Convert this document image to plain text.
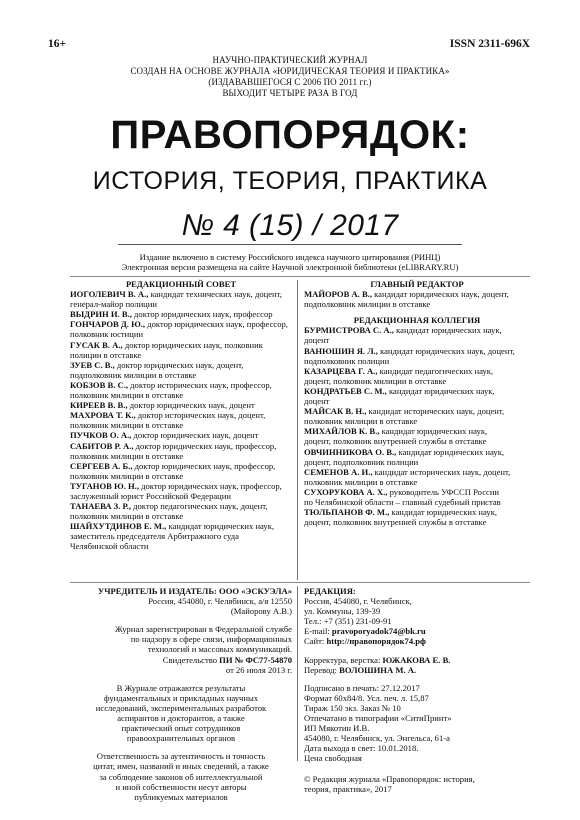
16+	ISSN 2311-696X
НАУЧНО-ПРАКТИЧЕСКИЙ ЖУРНАЛ
СОЗДАН НА ОСНОВЕ ЖУРНАЛА «ЮРИДИЧЕСКАЯ ТЕОРИЯ И ПРАКТИКА»
(ИЗДАВАВШЕГОСЯ С 2006 ПО 2011 гг.)
ВЫХОДИТ ЧЕТЫРЕ РАЗА В ГОД
ПРАВОПОРЯДОК:
ИСТОРИЯ, ТЕОРИЯ, ПРАКТИКА
№ 4 (15) / 2017
Издание включено в систему Российского индекса научного цитирования (РИНЦ)
Электронная версия размещена на сайте Научной электронной библиотеки (eLIBRARY.RU)
РЕДАКЦИОННЫЙ СОВЕТ
ИОГОЛЕВИЧ В. А., кандидат технических наук, доцент,
генерал-майор полиции
ВЫДРИН И. В., доктор юридических наук, профессор
ГОНЧАРОВ Д. Ю., доктор юридических наук, профессор,
полковник юстиции
ГУСАК В. А., доктор юридических наук, полковник
полиции в отставке
ЗУЕВ С. В., доктор юридических наук, доцент,
подполковник милиции в отставке
КОБЗОВ В. С., доктор исторических наук, профессор,
полковник милиции в отставке
КИРЕЕВ В. В., доктор юридических наук, доцент
МАХРОВА Т. К., доктор исторических наук, доцент,
полковник милиции в отставке
ПУЧКОВ О. А., доктор юридических наук, доцент
САБИТОВ Р. А., доктор юридических наук, профессор,
полковник милиции в отставке
СЕРГЕЕВ А. Б., доктор юридических наук, профессор,
полковник милиции в отставке
ТУГАНОВ Ю. Н., доктор юридических наук, профессор,
заслуженный юрист Российской Федерации
ТАНАЕВА З. Р., доктор педагогических наук, доцент,
полковник милиции в отставке
ШАЙХУТДИНОВ Е. М., кандидат юридических наук,
заместитель председателя Арбитражного суда
Челябинской области
ГЛАВНЫЙ РЕДАКТОР
МАЙОРОВ А. В., кандидат юридических наук, доцент,
подполковник милиции в отставке
РЕДАКЦИОННАЯ КОЛЛЕГИЯ
БУРМИСТРОВА С. А., кандидат юридических наук,
доцент
ВАНЮШИН Я. Л., кандидат юридических наук, доцент,
подполковник полиции
КАЗАРЦЕВА Г. А., кандидат педагогических наук,
доцент, полковник милиции в отставке
КОНДРАТЬЕВ С. М., кандидат юридических наук,
доцент
МАЙСАК В. Н., кандидат исторических наук, доцент,
полковник милиции в отставке
МИХАЙЛОВ К. В., кандидат юридических наук,
доцент, полковник внутренней службы в отставке
ОВЧИННИКОВА О. В., кандидат юридических наук,
доцент, подполковник полиции
СЕМЕНОВ А. И., кандидат исторических наук, доцент,
полковник милиции в отставке
СУХОРУКОВА А. Х., руководитель УФССП России
по Челябинской области – главный судебный пристав
ТЮЛЬПАНОВ Ф. М., кандидат юридических наук,
доцент, полковник внутренней службы в отставке
УЧРЕДИТЕЛЬ И ИЗДАТЕЛЬ: ООО «ЭСКУЭЛА»
Россия, 454080, г. Челябинск, а/я 12550
(Майорову А.В.)
Журнал зарегистрирован в Федеральной службе
по надзору в сфере связи, информационных
технологий и массовых коммуникаций.
Свидетельство ПИ № ФС77-54870
от 26 июля 2013 г.
В Журнале отражаются результаты
фундаментальных и прикладных научных
исследований, экспериментальных разработок
аспирантов и докторантов, а также
практический опыт сотрудников
правоохранительных органов
Ответственность за аутентичность и точность
цитат, имен, названий и иных сведений, а также
за соблюдение законов об интеллектуальной
и иной собственности несут авторы
публикуемых материалов
РЕДАКЦИЯ:
Россия, 454080, г. Челябинск,
ул. Коммуны, 139-39
Тел.: +7 (351) 231-09-91
E-mail: pravoporyadok74@bk.ru
Сайт: http://правопорядок74.рф
Корректура, верстка: ЮЖАКОВА Е. В.
Перевод: ВОЛОШИНА М. А.
Подписано в печать: 27.12.2017
Формат 60х84/8. Усл. печ. л. 15,87
Тираж 150 экз. Заказ № 10
Отпечатано в типографии «СитиПринт»
ИП Мякотин И.В.
454080, г. Челябинск, ул. Энгельса, 61-а
Дата выхода в свет: 10.01.2018.
Цена свободная
© Редакция журнала «Правопорядок: история,
теория, практика», 2017
